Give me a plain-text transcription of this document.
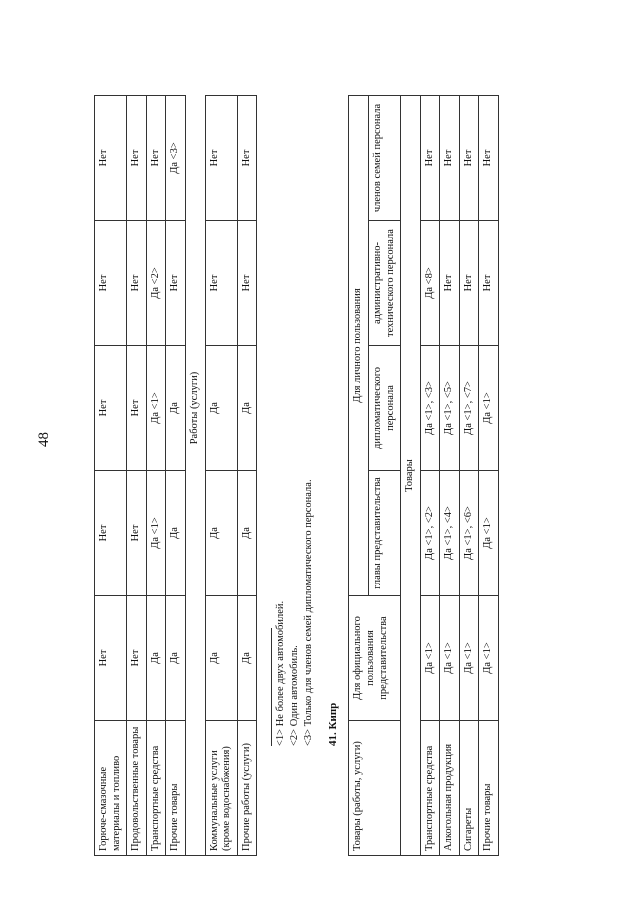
48
Горюче-смазочные материалы и топливо	Нет	Нет	Нет	Нет	Нет
Продовольственные товары	Нет	Нет	Нет	Нет	Нет
Транспортные средства	Да	Да <1>	Да <1>	Да <2>	Нет
Прочие товары	Да	Да	Да	Нет	Да <3>
	Работы (услуги)				
Коммунальные услуги (кроме водоснабжения)	Да	Да	Да	Нет	Нет
Прочие работы (услуги)	Да	Да	Да	Нет	Нет
<1> Не более двух автомобилей. <2> Один автомобиль. <3> Только для членов семей дипломатического персонала. 41. Кипр
Товары (работы, услуги)	Для официального пользования представительства	Для личного пользования			
		главы представительства	дипломатического персонала	административно-технического персонала	членов семей персонала
Товары					
Транспортные средства	Да <1>	Да <1>, <2>	Да <1>, <3>	Да <8>	Нет
Алкогольная продукция	Да <1>	Да <1>, <4>	Да <1>, <5>	Нет	Нет
Сигареты	Да <1>	Да <1>, <6>	Да <1>, <7>	Нет	Нет
Прочие товары	Да <1>	Да <1>	Да <1>	Нет	Нет
